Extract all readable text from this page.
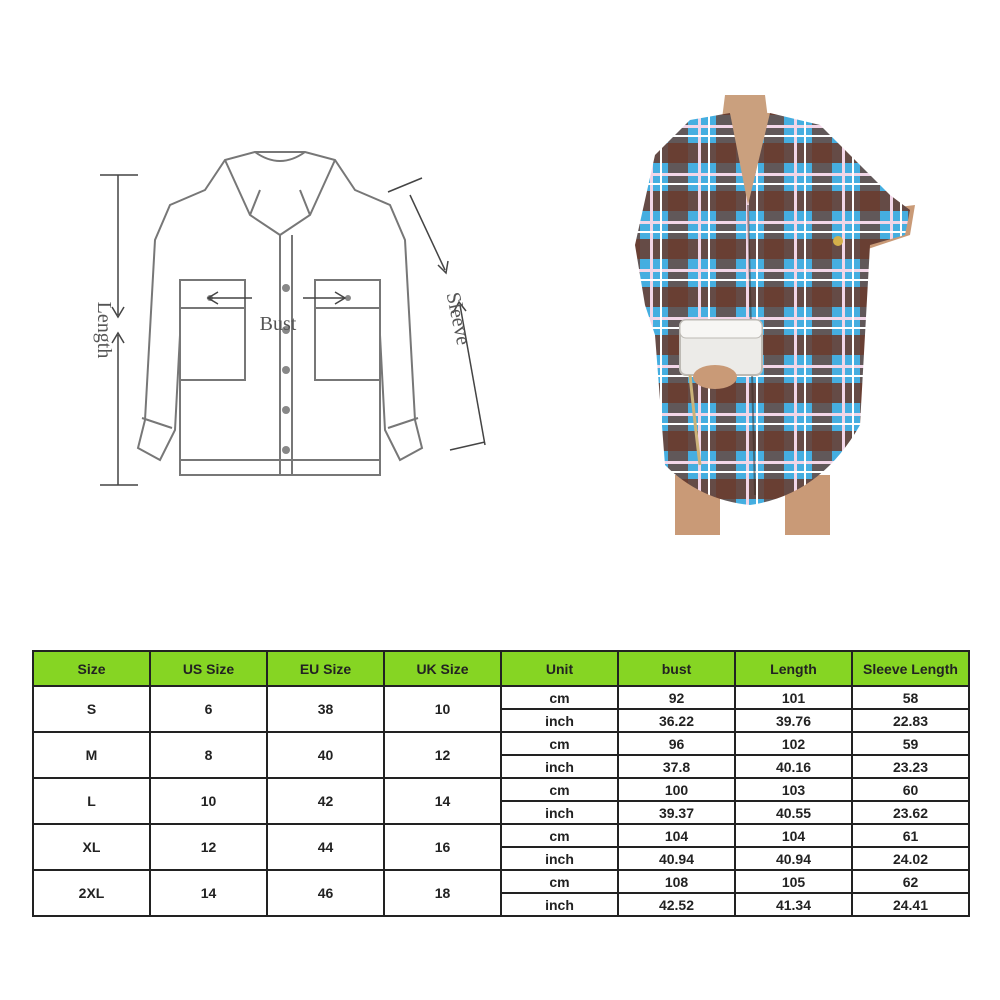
Length	Bust	Sleeve
Size	US Size	EU Size	UK Size	Unit	bust	Length	Sleeve Length
S	6	38	10	cm	92	101	58
				inch	36.22	39.76	22.83
M	8	40	12	cm	96	102	59
				inch	37.8	40.16	23.23
L	10	42	14	cm	100	103	60
				inch	39.37	40.55	23.62
XL	12	44	16	cm	104	104	61
				inch	40.94	40.94	24.02
2XL	14	46	18	cm	108	105	62
				inch	42.52	41.34	24.41
